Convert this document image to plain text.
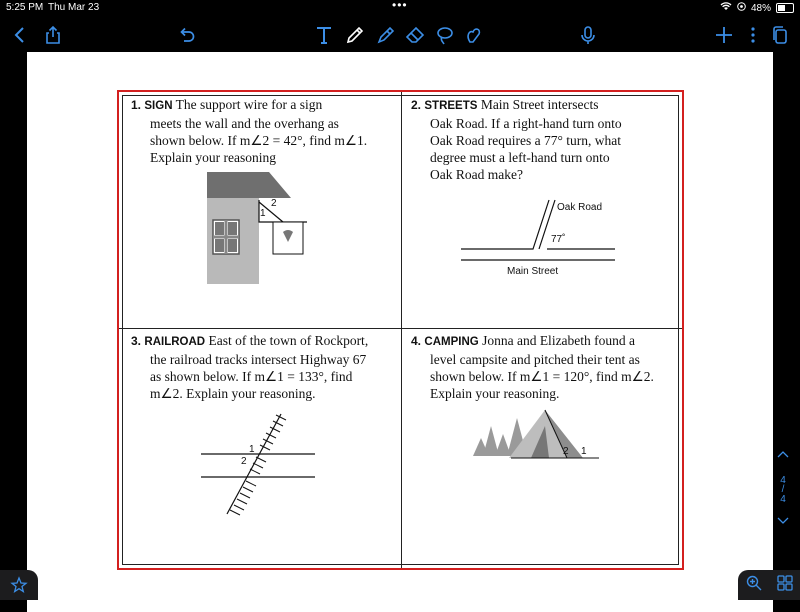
5:25 PM Thu Mar 23	•••	48%
4
/
4
1. SIGN The support wire for a sign
meets the wall and the overhang as
shown below. If m∠2 = 42°, find m∠1.
Explain your reasoning
2
1
2. STREETS Main Street intersects
Oak Road. If a right-hand turn onto
Oak Road requires a 77° turn, what
degree must a left-hand turn onto
Oak Road make?
Oak Road
77˚
Main Street
3. RAILROAD East of the town of Rockport,
the railroad tracks intersect Highway 67
as shown below. If m∠1 = 133°, find
m∠2. Explain your reasoning.
1
2
4. CAMPING Jonna and Elizabeth found a
level campsite and pitched their tent as
shown below. If m∠1 = 120°, find m∠2.
Explain your reasoning.
2 1
